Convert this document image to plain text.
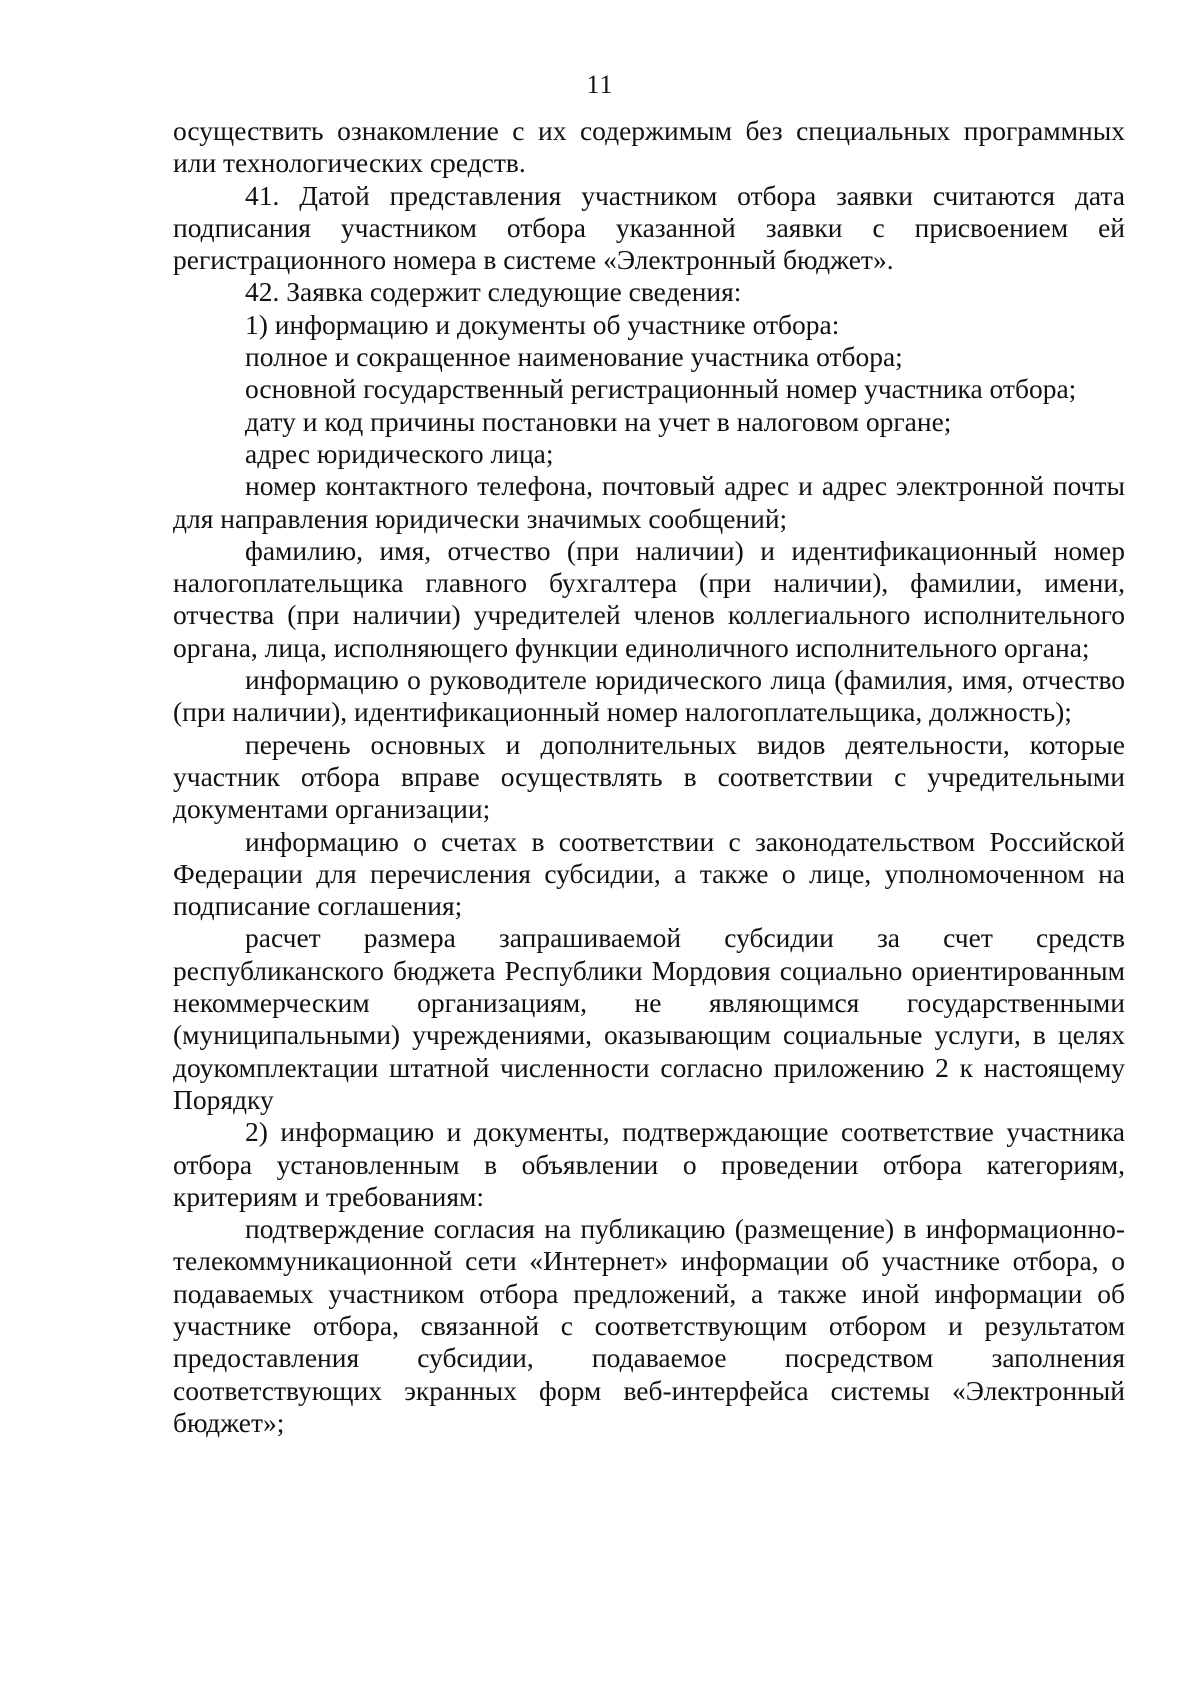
11

осуществить ознакомление с их содержимым без специальных программных или технологических средств.

41. Датой представления участником отбора заявки считаются дата подписания участником отбора указанной заявки с присвоением ей регистрационного номера в системе «Электронный бюджет».

42. Заявка содержит следующие сведения:

1) информацию и документы об участнике отбора:

полное и сокращенное наименование участника отбора;

основной государственный регистрационный номер участника отбора;

дату и код причины постановки на учет в налоговом органе;

адрес юридического лица;

номер контактного телефона, почтовый адрес и адрес электронной почты для направления юридически значимых сообщений;

фамилию, имя, отчество (при наличии) и идентификационный номер налогоплательщика главного бухгалтера (при наличии), фамилии, имени, отчества (при наличии) учредителей членов коллегиального исполнительного органа, лица, исполняющего функции единоличного исполнительного органа;

информацию о руководителе юридического лица (фамилия, имя, отчество (при наличии), идентификационный номер налогоплательщика, должность);

перечень основных и дополнительных видов деятельности, которые участник отбора вправе осуществлять в соответствии с учредительными документами организации;

информацию о счетах в соответствии с законодательством Российской Федерации для перечисления субсидии, а также о лице, уполномоченном на подписание соглашения;

расчет размера запрашиваемой субсидии за счет средств республиканского бюджета Республики Мордовия социально ориентированным некоммерческим организациям, не являющимся государственными (муниципальными) учреждениями, оказывающим социальные услуги, в целях доукомплектации штатной численности согласно приложению 2 к настоящему Порядку

2) информацию и документы, подтверждающие соответствие участника отбора установленным в объявлении о проведении отбора категориям, критериям и требованиям:

подтверждение согласия на публикацию (размещение) в информационно-телекоммуникационной сети «Интернет» информации об участнике отбора, о подаваемых участником отбора предложений, а также иной информации об участнике отбора, связанной с соответствующим отбором и результатом предоставления субсидии, подаваемое посредством заполнения соответствующих экранных форм веб-интерфейса системы «Электронный бюджет»;
